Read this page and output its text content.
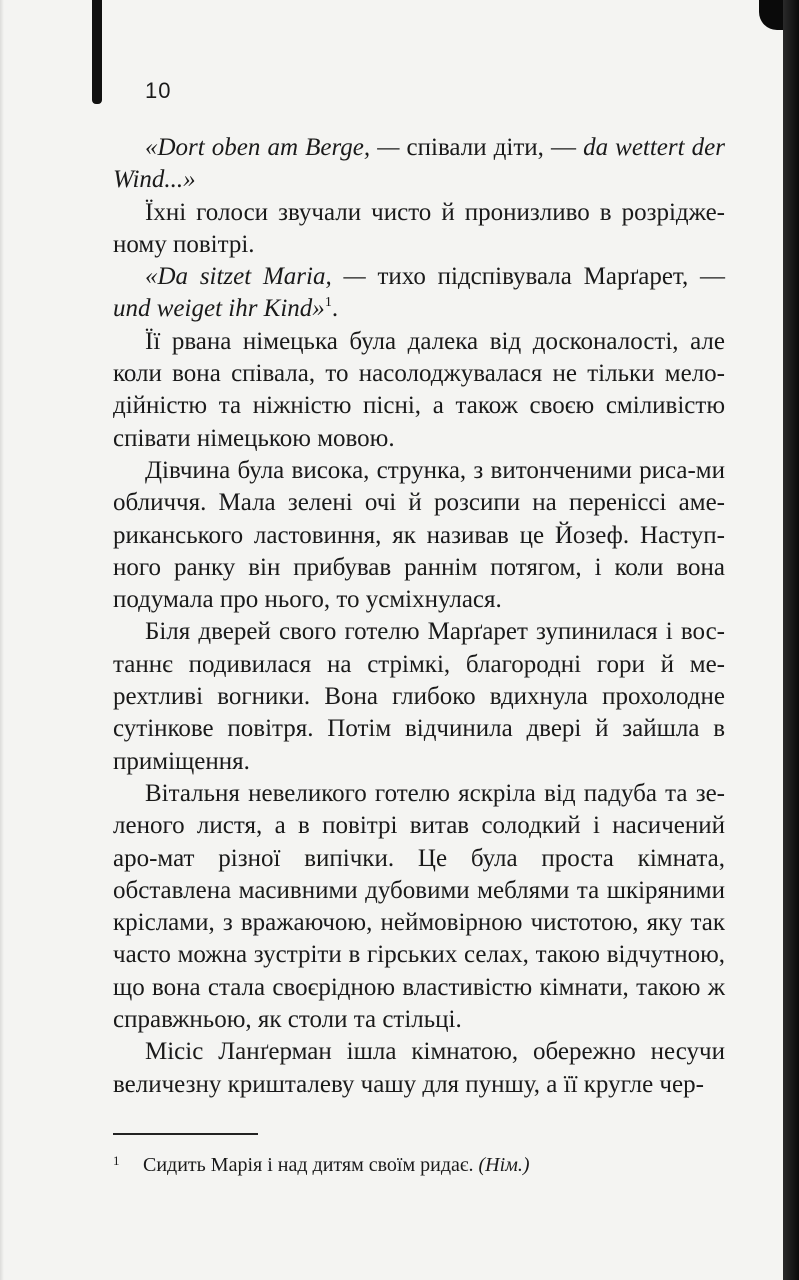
10

«Dort oben am Berge, — співали діти, — da wettert der Wind...»

Їхні голоси звучали чисто й пронизливо в розрідже-ному повітрі.

«Da sitzet Maria, — тихо підспівувала Марґарет, — und weiget ihr Kind»$^1$.

Її рвана німецька була далека від досконалості, але коли вона співала, то насолоджувалася не тільки мело-дійністю та ніжністю пісні, а також своєю сміливістю співати німецькою мовою.

Дівчина була висока, струнка, з витонченими риса-ми обличчя. Мала зелені очі й розсипи на переніссі аме-риканського ластовиння, як називав це Йозеф. Наступ-ного ранку він прибував раннім потягом, і коли вона подумала про нього, то усміхнулася.

Біля дверей свого готелю Марґарет зупинилася і вос-таннє подивилася на стрімкі, благородні гори й ме-рехтливі вогники. Вона глибоко вдихнула прохолодне сутінкове повітря. Потім відчинила двері й зайшла в приміщення.

Вітальня невеликого готелю яскріла від падуба та зе-леного листя, а в повітрі витав солодкий і насичений аро-мат різної випічки. Це була проста кімната, обставлена масивними дубовими меблями та шкіряними кріслами, з вражаючою, неймовірною чистотою, яку так часто можна зустріти в гірських селах, такою відчутною, що вона стала своєрідною властивістю кімнати, такою ж справжньою, як столи та стільці.

Місіс Ланґерман ішла кімнатою, обережно несучи величезну кришталеву чашу для пуншу, а її кругле чер-

1 Сидить Марія і над дитям своїм ридає. (Нім.)
